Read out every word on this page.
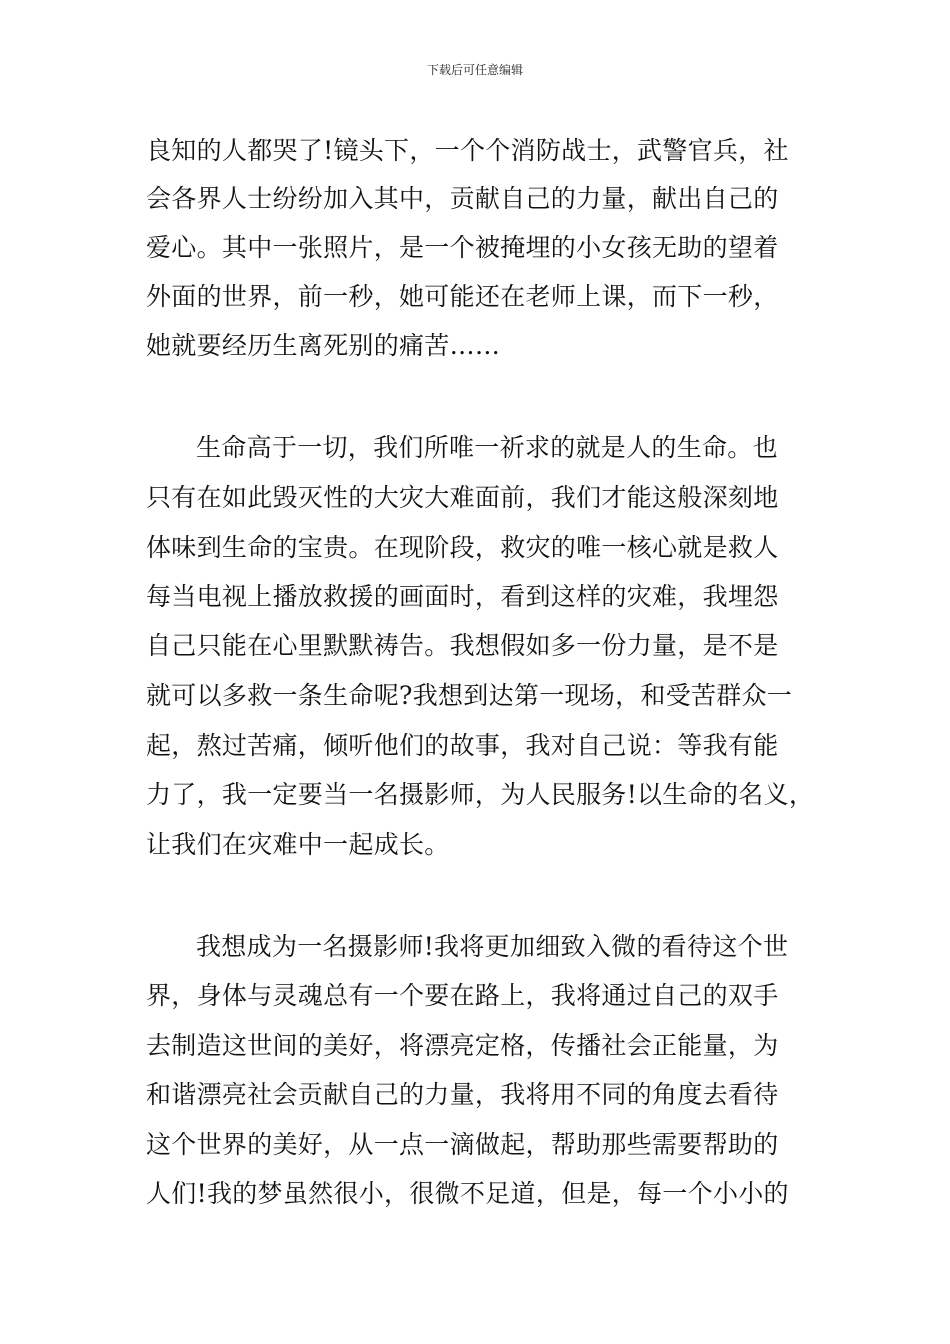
下载后可任意编辑
良知的人都哭了!镜头下，一个个消防战士，武警官兵，社
会各界人士纷纷加入其中，贡献自己的力量，献出自己的
爱心。其中一张照片，是一个被掩埋的小女孩无助的望着
外面的世界，前一秒，她可能还在老师上课，而下一秒，
她就要经历生离死别的痛苦……
生命高于一切，我们所唯一祈求的就是人的生命。也
只有在如此毁灭性的大灾大难面前，我们才能这般深刻地
体味到生命的宝贵。在现阶段，救灾的唯一核心就是救人
每当电视上播放救援的画面时，看到这样的灾难，我埋怨
自己只能在心里默默祷告。我想假如多一份力量，是不是
就可以多救一条生命呢?我想到达第一现场，和受苦群众一
起，熬过苦痛，倾听他们的故事，我对自己说：等我有能
力了，我一定要当一名摄影师，为人民服务!以生命的名义，
让我们在灾难中一起成长。
我想成为一名摄影师!我将更加细致入微的看待这个世
界，身体与灵魂总有一个要在路上，我将通过自己的双手
去制造这世间的美好，将漂亮定格，传播社会正能量，为
和谐漂亮社会贡献自己的力量，我将用不同的角度去看待
这个世界的美好，从一点一滴做起，帮助那些需要帮助的
人们!我的梦虽然很小，很微不足道，但是，每一个小小的
